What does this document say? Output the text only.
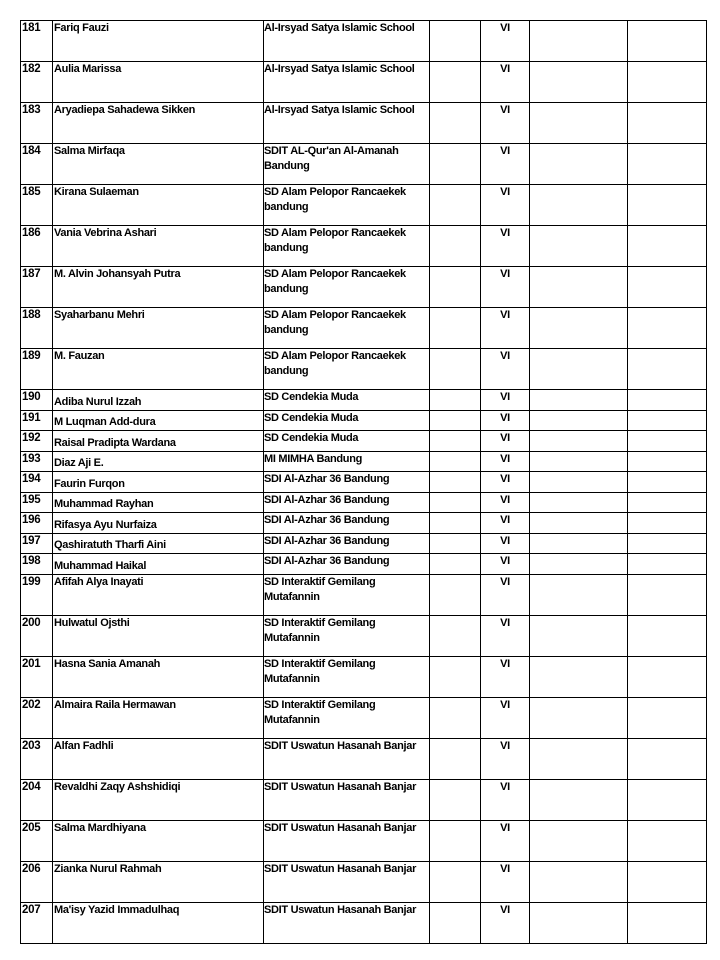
181	Fariq Fauzi	Al-Irsyad Satya Islamic School		VI		
182	Aulia Marissa	Al-Irsyad Satya Islamic School		VI		
183	Aryadiepa Sahadewa Sikken	Al-Irsyad Satya Islamic School		VI		
184	Salma Mirfaqa	SDIT AL-Qur'an Al-Amanah Bandung		VI		
185	Kirana Sulaeman	SD Alam Pelopor Rancaekek bandung		VI		
186	Vania Vebrina Ashari	SD Alam Pelopor Rancaekek bandung		VI		
187	M. Alvin Johansyah Putra	SD Alam Pelopor Rancaekek bandung		VI		
188	Syaharbanu Mehri	SD Alam Pelopor Rancaekek bandung		VI		
189	M. Fauzan	SD Alam Pelopor Rancaekek bandung		VI		
190	Adiba Nurul Izzah	SD Cendekia Muda		VI		
191	M Luqman Add-dura	SD Cendekia Muda		VI		
192	Raisal Pradipta Wardana	SD Cendekia Muda		VI		
193	Diaz Aji E.	MI MIMHA Bandung		VI		
194	Faurin Furqon	SDI Al-Azhar 36 Bandung		VI		
195	Muhammad Rayhan	SDI Al-Azhar 36 Bandung		VI		
196	Rifasya Ayu Nurfaiza	SDI Al-Azhar 36 Bandung		VI		
197	Qashiratuth Tharfi Aini	SDI Al-Azhar 36 Bandung		VI		
198	Muhammad Haikal	SDI Al-Azhar 36 Bandung		VI		
199	Afifah Alya Inayati	SD Interaktif Gemilang Mutafannin		VI		
200	Hulwatul Ojsthi	SD Interaktif Gemilang Mutafannin		VI		
201	Hasna Sania Amanah	SD Interaktif Gemilang Mutafannin		VI		
202	Almaira Raila Hermawan	SD Interaktif Gemilang Mutafannin		VI		
203	Alfan Fadhli	SDIT Uswatun Hasanah Banjar		VI		
204	Revaldhi Zaqy Ashshidiqi	SDIT Uswatun Hasanah Banjar		VI		
205	Salma Mardhiyana	SDIT Uswatun Hasanah Banjar		VI		
206	Zianka Nurul Rahmah	SDIT Uswatun Hasanah Banjar		VI		
207	Ma'isy Yazid Immadulhaq	SDIT Uswatun Hasanah Banjar		VI		
